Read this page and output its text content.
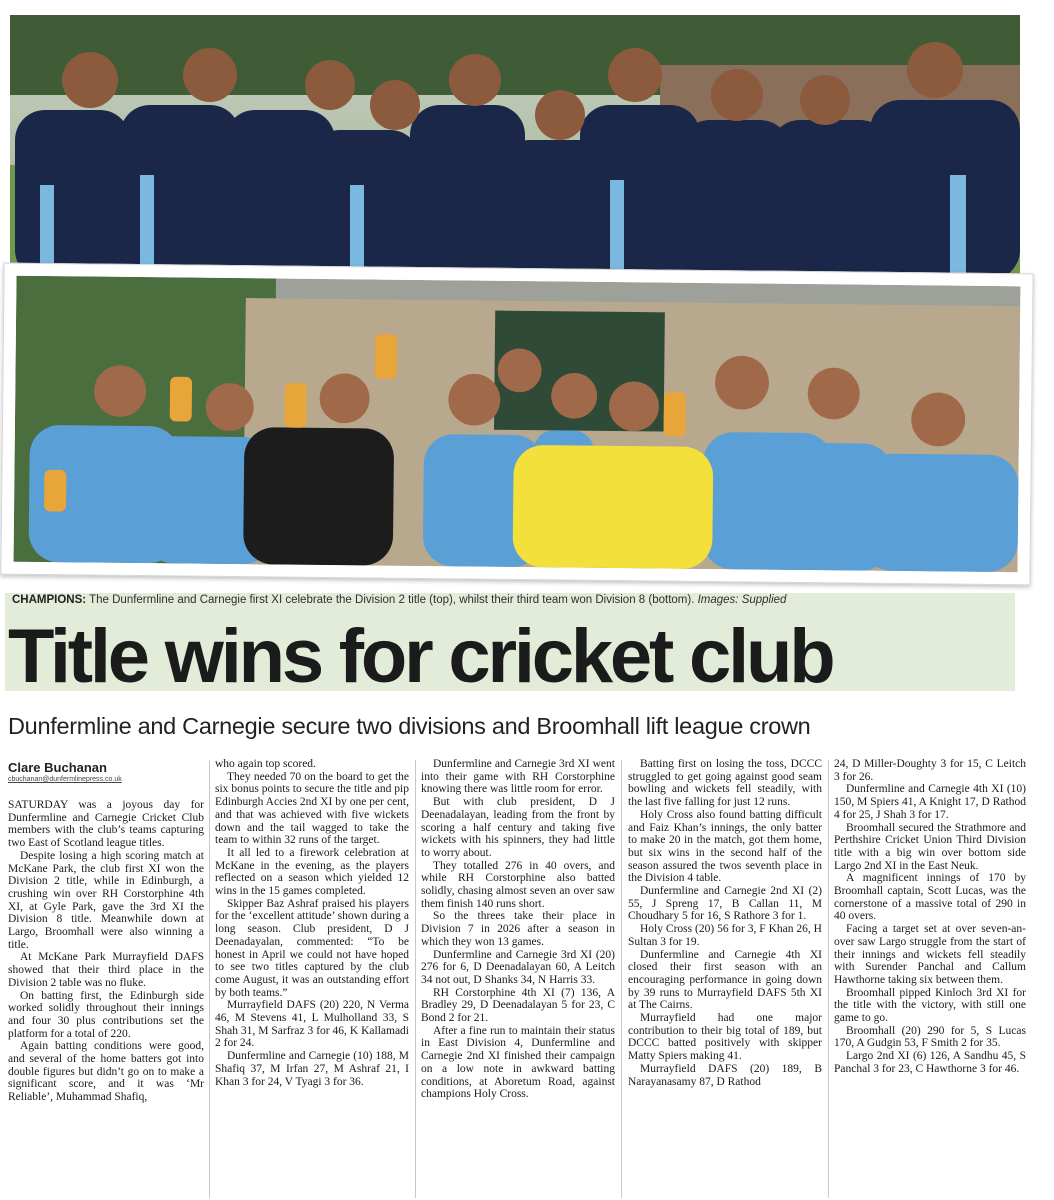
CHAMPIONS: The Dunfermline and Carnegie first XI celebrate the Division 2 title (top), whilst their third team won Division 8 (bottom). Images: Supplied
Title wins for cricket club
Dunfermline and Carnegie secure two divisions and Broomhall lift league crown
Clare Buchanan
cbuchanan@dunfermlinepress.co.uk

SATURDAY was a joyous day for Dunfermline and Carnegie Cricket Club members with the club’s teams capturing two East of Scotland league titles.

Despite losing a high scoring match at McKane Park, the club first XI won the Division 2 title, while in Edinburgh, a crushing win over RH Corstorphine 4th XI, at Gyle Park, gave the 3rd XI the Division 8 title. Meanwhile down at Largo, Broomhall were also winning a title.

At McKane Park Murrayfield DAFS showed that their third place in the Division 2 table was no fluke.

On batting first, the Edinburgh side worked solidly throughout their innings and four 30 plus contributions set the platform for a total of 220.

Again batting conditions were good, and several of the home batters got into double figures but didn’t go on to make a significant score, and it was ‘Mr Reliable’, Muhammad Shafiq,

who again top scored.

They needed 70 on the board to get the six bonus points to secure the title and pip Edinburgh Accies 2nd XI by one per cent, and that was achieved with five wickets down and the tail wagged to take the team to within 32 runs of the target.

It all led to a firework celebration at McKane in the evening, as the players reflected on a season which yielded 12 wins in the 15 games completed.

Skipper Baz Ashraf praised his players for the ‘excellent attitude’ shown during a long season. Club president, D J Deenadayalan, commented: “To be honest in April we could not have hoped to see two titles captured by the club come August, it was an outstanding effort by both teams.”

Murrayfield DAFS (20) 220, N Verma 46, M Stevens 41, L Mulholland 33, S Shah 31, M Sarfraz 3 for 46, K Kallamadi 2 for 24.

Dunfermline and Carnegie (10) 188, M Shafiq 37, M Irfan 27, M Ashraf 21, I Khan 3 for 24, V Tyagi 3 for 36.

Dunfermline and Carnegie 3rd XI went into their game with RH Corstorphine knowing there was little room for error.

But with club president, D J Deenadalayan, leading from the front by scoring a half century and taking five wickets with his spinners, they had little to worry about.

They totalled 276 in 40 overs, and while RH Corstorphine also batted solidly, chasing almost seven an over saw them finish 140 runs short.

So the threes take their place in Division 7 in 2026 after a season in which they won 13 games.

Dunfermline and Carnegie 3rd XI (20) 276 for 6, D Deenadalayan 60, A Leitch 34 not out, D Shanks 34, N Harris 33.

RH Corstorphine 4th XI (7) 136, A Bradley 29, D Deenadalayan 5 for 23, C Bond 2 for 21.

After a fine run to maintain their status in East Division 4, Dunfermline and Carnegie 2nd XI finished their campaign on a low note in awkward batting conditions, at Aboretum Road, against champions Holy Cross.

Batting first on losing the toss, DCCC struggled to get going against good seam bowling and wickets fell steadily, with the last five falling for just 12 runs.

Holy Cross also found batting difficult and Faiz Khan’s innings, the only batter to make 20 in the match, got them home, but six wins in the second half of the season assured the twos seventh place in the Division 4 table.

Dunfermline and Carnegie 2nd XI (2) 55, J Spreng 17, B Callan 11, M Choudhary 5 for 16, S Rathore 3 for 1.

Holy Cross (20) 56 for 3, F Khan 26, H Sultan 3 for 19.

Dunfermline and Carnegie 4th XI closed their first season with an encouraging performance in going down by 39 runs to Murrayfield DAFS 5th XI at The Cairns.

Murrayfield had one major contribution to their big total of 189, but DCCC batted positively with skipper Matty Spiers making 41.

Murrayfield DAFS (20) 189, B Narayanasamy 87, D Rathod

24, D Miller-Doughty 3 for 15, C Leitch 3 for 26.

Dunfermline and Carnegie 4th XI (10) 150, M Spiers 41, A Knight 17, D Rathod 4 for 25, J Shah 3 for 17.

Broomhall secured the Strathmore and Perthshire Cricket Union Third Division title with a big win over bottom side Largo 2nd XI in the East Neuk.

A magnificent innings of 170 by Broomhall captain, Scott Lucas, was the cornerstone of a massive total of 290 in 40 overs.

Facing a target set at over seven-an-over saw Largo struggle from the start of their innings and wickets fell steadily with Surender Panchal and Callum Hawthorne taking six between them.

Broomhall pipped Kinloch 3rd XI for the title with the victory, with still one game to go.

Broomhall (20) 290 for 5, S Lucas 170, A Gudgin 53, F Smith 2 for 35.

Largo 2nd XI (6) 126, A Sandhu 45, S Panchal 3 for 23, C Hawthorne 3 for 46.
